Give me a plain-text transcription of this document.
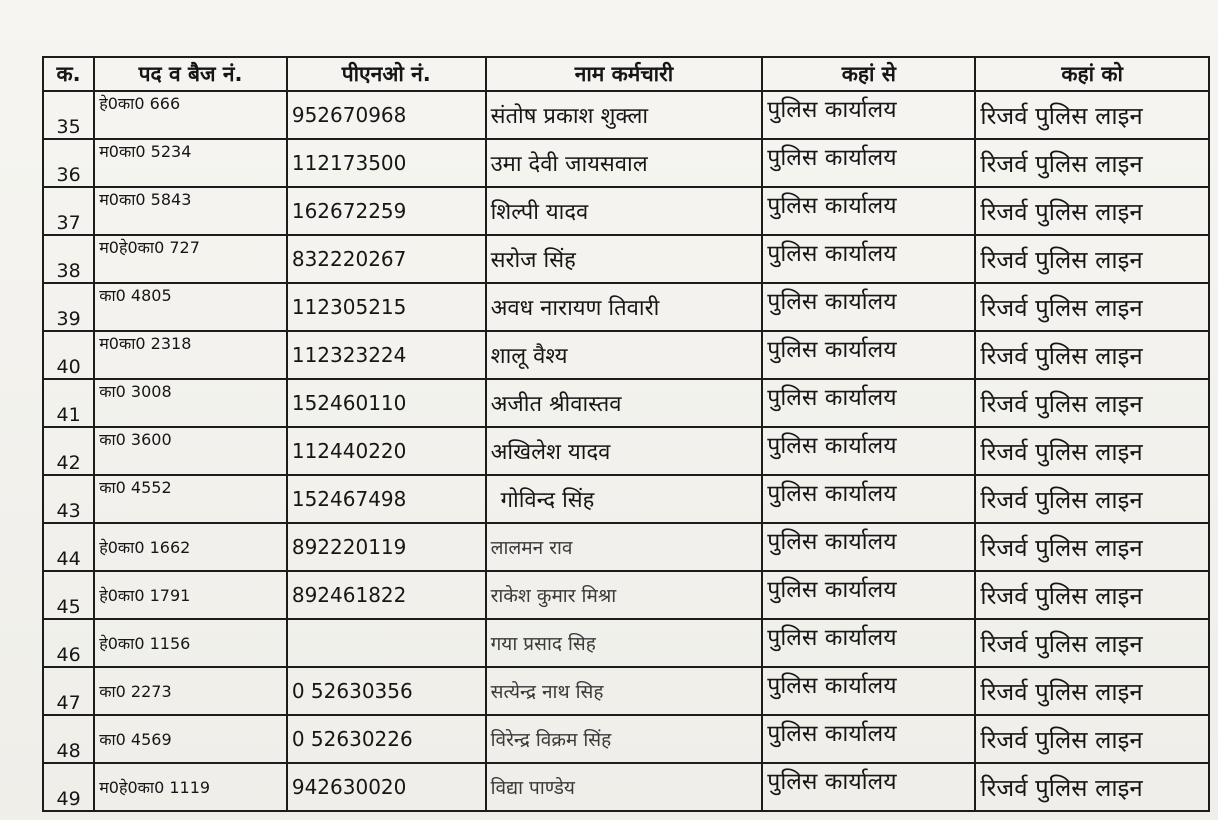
क.	पद व बैज नं.	पीएनओ नं.	नाम कर्मचारी	कहां से	कहां को
35	हे0का0 666	952670968	संतोष प्रकाश शुक्ला	पुलिस कार्यालय	रिजर्व पुलिस लाइन
36	म0का0 5234	112173500	उमा देवी जायसवाल	पुलिस कार्यालय	रिजर्व पुलिस लाइन
37	म0का0 5843	162672259	शिल्पी यादव	पुलिस कार्यालय	रिजर्व पुलिस लाइन
38	म0हे0का0 727	832220267	सरोज सिंह	पुलिस कार्यालय	रिजर्व पुलिस लाइन
39	का0 4805	112305215	अवध नारायण तिवारी	पुलिस कार्यालय	रिजर्व पुलिस लाइन
40	म0का0 2318	112323224	शालू वैश्य	पुलिस कार्यालय	रिजर्व पुलिस लाइन
41	का0 3008	152460110	अजीत श्रीवास्तव	पुलिस कार्यालय	रिजर्व पुलिस लाइन
42	का0 3600	112440220	अखिलेश यादव	पुलिस कार्यालय	रिजर्व पुलिस लाइन
43	का0 4552	152467498	गोविन्द सिंह	पुलिस कार्यालय	रिजर्व पुलिस लाइन
44	हे0का0 1662	892220119	लालमन राव	पुलिस कार्यालय	रिजर्व पुलिस लाइन
45	हे0का0 1791	892461822	राकेश कुमार मिश्रा	पुलिस कार्यालय	रिजर्व पुलिस लाइन
46	हे0का0 1156		गया प्रसाद सिह	पुलिस कार्यालय	रिजर्व पुलिस लाइन
47	का0 2273	0 52630356	सत्येन्द्र नाथ सिह	पुलिस कार्यालय	रिजर्व पुलिस लाइन
48	का0 4569	0 52630226	विरेन्द्र विक्रम सिंह	पुलिस कार्यालय	रिजर्व पुलिस लाइन
49	म0हे0का0 1119	942630020	विद्या पाण्डेय	पुलिस कार्यालय	रिजर्व पुलिस लाइन
